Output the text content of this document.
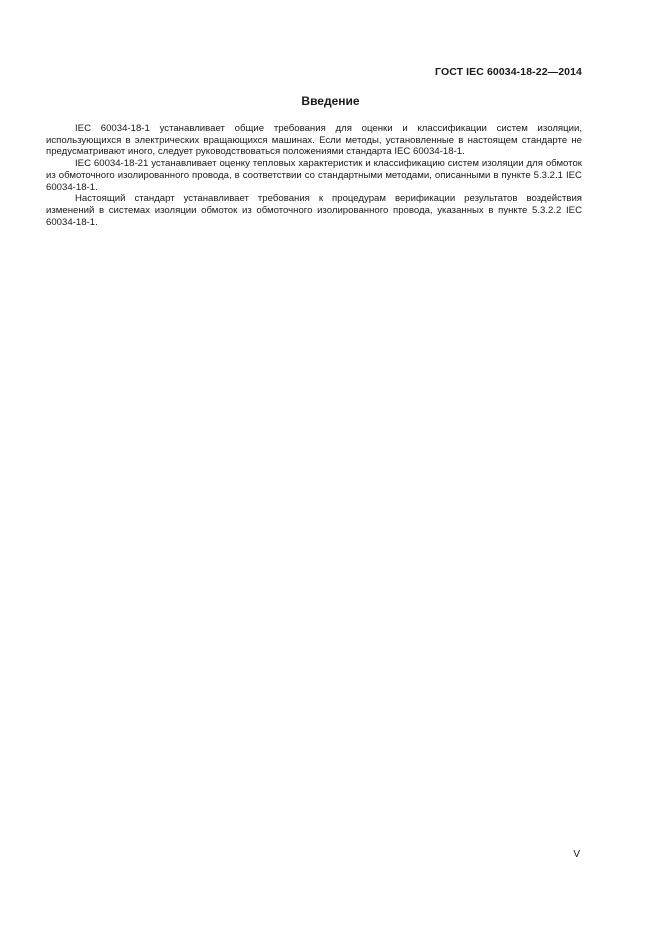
ГОСТ IEC 60034-18-22—2014
Введение

IEC 60034-18-1 устанавливает общие требования для оценки и классификации систем изоляции, использующихся в электрических вращающихся машинах. Если методы, установленные в настоящем стандарте не предусматривают иного, следует руководствоваться положениями стандарта IEC 60034-18-1.

IEC 60034-18-21 устанавливает оценку тепловых характеристик и классификацию систем изоляции для обмоток из обмоточного изолированного провода, в соответствии со стандартными методами, описанными в пункте 5.3.2.1 IEC 60034-18-1.

Настоящий стандарт устанавливает требования к процедурам верификации результатов воздействия изменений в системах изоляции обмоток из обмоточного изолированного провода, указанных в пункте 5.3.2.2 IEC 60034-18-1.

V
